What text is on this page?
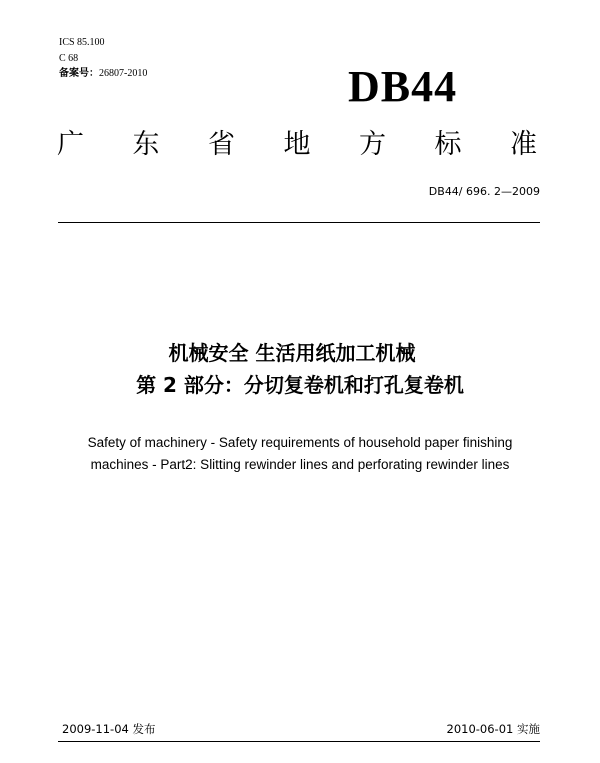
ICS 85.100
C 68
备案号：26807-2010	DB44
广 东 省 地 方 标 准
DB44/ 696. 2—2009
机械安全 生活用纸加工机械
第 2 部分：分切复卷机和打孔复卷机
Safety of machinery - Safety requirements of household paper finishing
machines - Part2: Slitting rewinder lines and perforating rewinder lines
2009-11-04 发布	2010-06-01 实施
